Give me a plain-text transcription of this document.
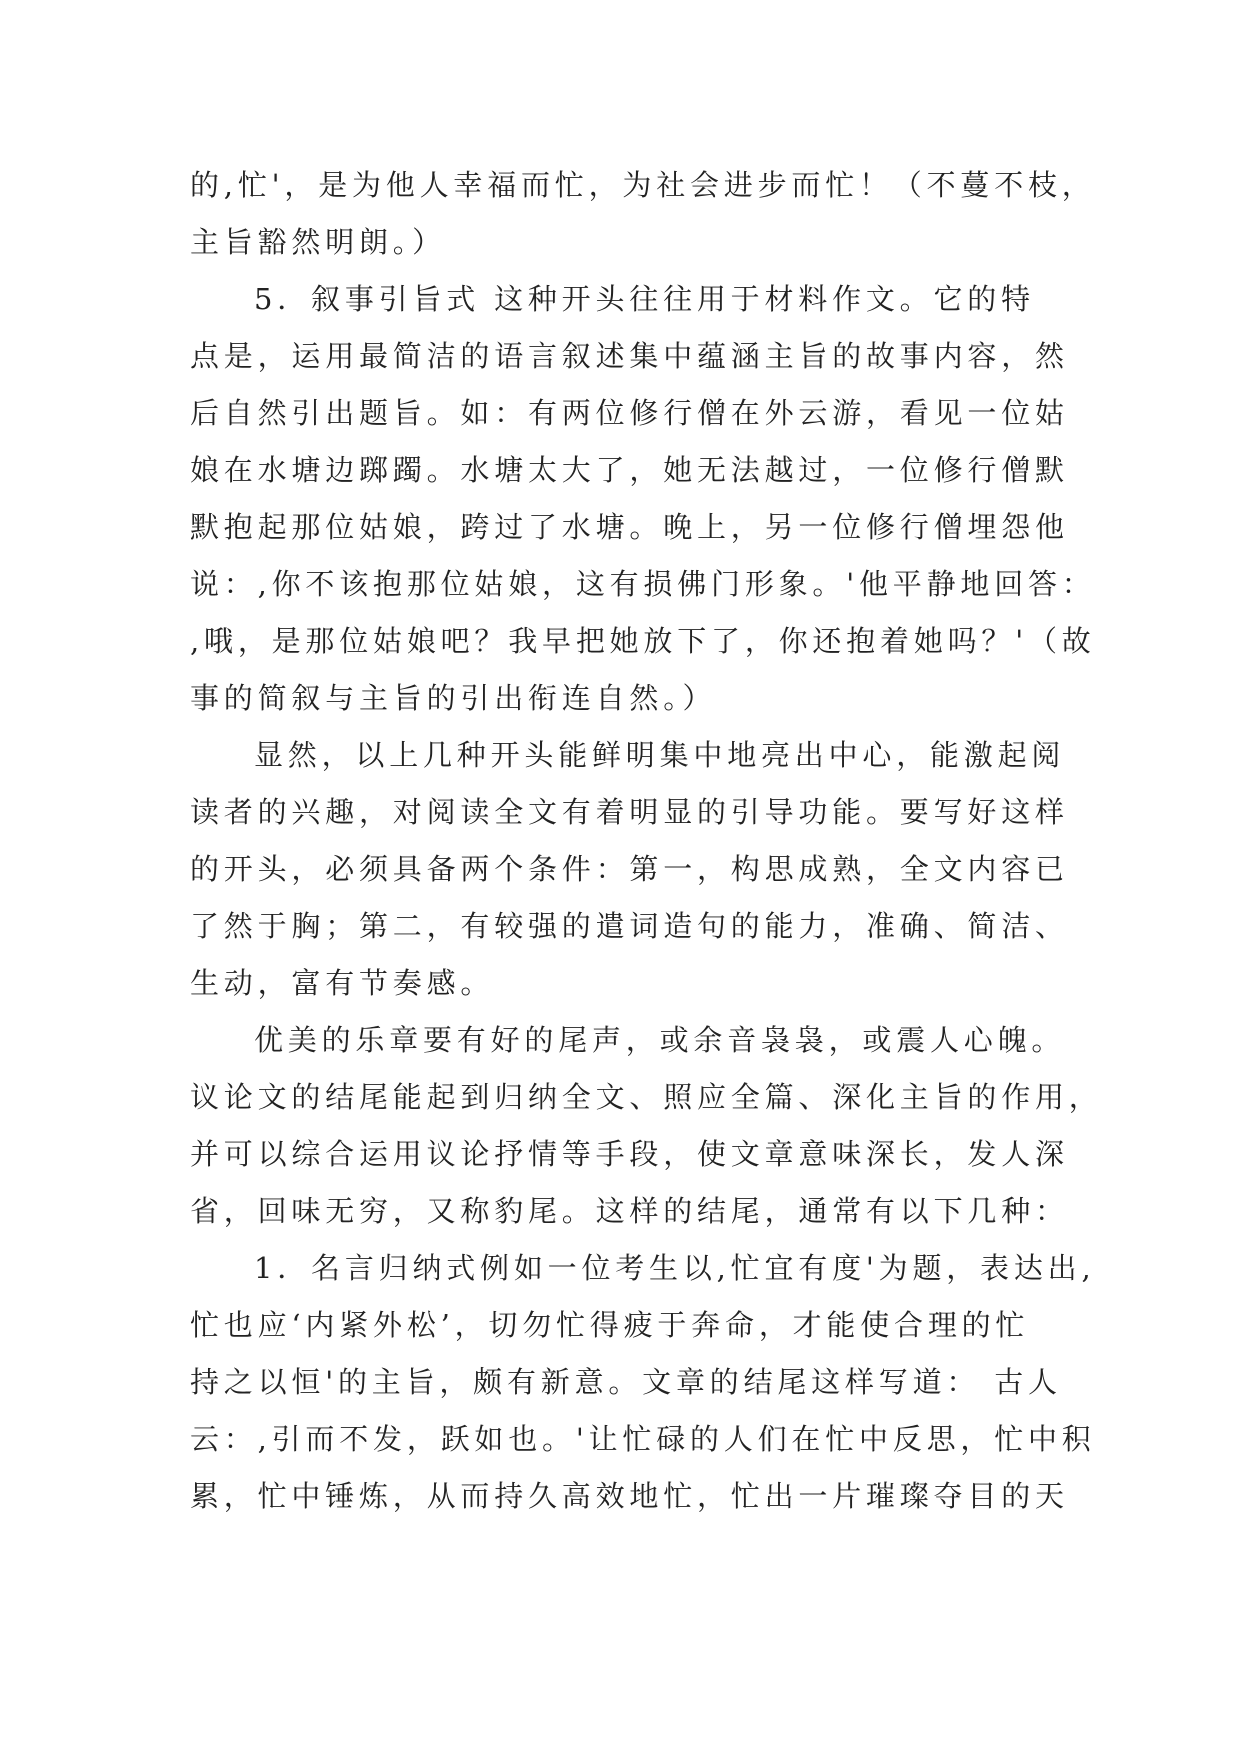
的,忙'，是为他人幸福而忙，为社会进步而忙！（不蔓不枝，
主旨豁然明朗。）
5．叙事引旨式 这种开头往往用于材料作文。它的特
点是，运用最简洁的语言叙述集中蕴涵主旨的故事内容，然
后自然引出题旨。如：有两位修行僧在外云游，看见一位姑
娘在水塘边踯躅。水塘太大了，她无法越过，一位修行僧默
默抱起那位姑娘，跨过了水塘。晚上，另一位修行僧埋怨他
说：,你不该抱那位姑娘，这有损佛门形象。'他平静地回答：
,哦，是那位姑娘吧？我早把她放下了，你还抱着她吗？'（故
事的简叙与主旨的引出衔连自然。）
显然，以上几种开头能鲜明集中地亮出中心，能激起阅
读者的兴趣，对阅读全文有着明显的引导功能。要写好这样
的开头，必须具备两个条件：第一，构思成熟，全文内容已
了然于胸；第二，有较强的遣词造句的能力，准确、简洁、
生动，富有节奏感。
优美的乐章要有好的尾声，或余音袅袅，或震人心魄。
议论文的结尾能起到归纳全文、照应全篇、深化主旨的作用，
并可以综合运用议论抒情等手段，使文章意味深长，发人深
省，回味无穷，又称豹尾。这样的结尾，通常有以下几种：
1．名言归纳式例如一位考生以,忙宜有度'为题，表达出,
忙也应‘内紧外松’，切勿忙得疲于奔命，才能使合理的忙
持之以恒'的主旨，颇有新意。文章的结尾这样写道： 古人
云：,引而不发，跃如也。'让忙碌的人们在忙中反思，忙中积
累，忙中锤炼，从而持久高效地忙，忙出一片璀璨夺目的天
